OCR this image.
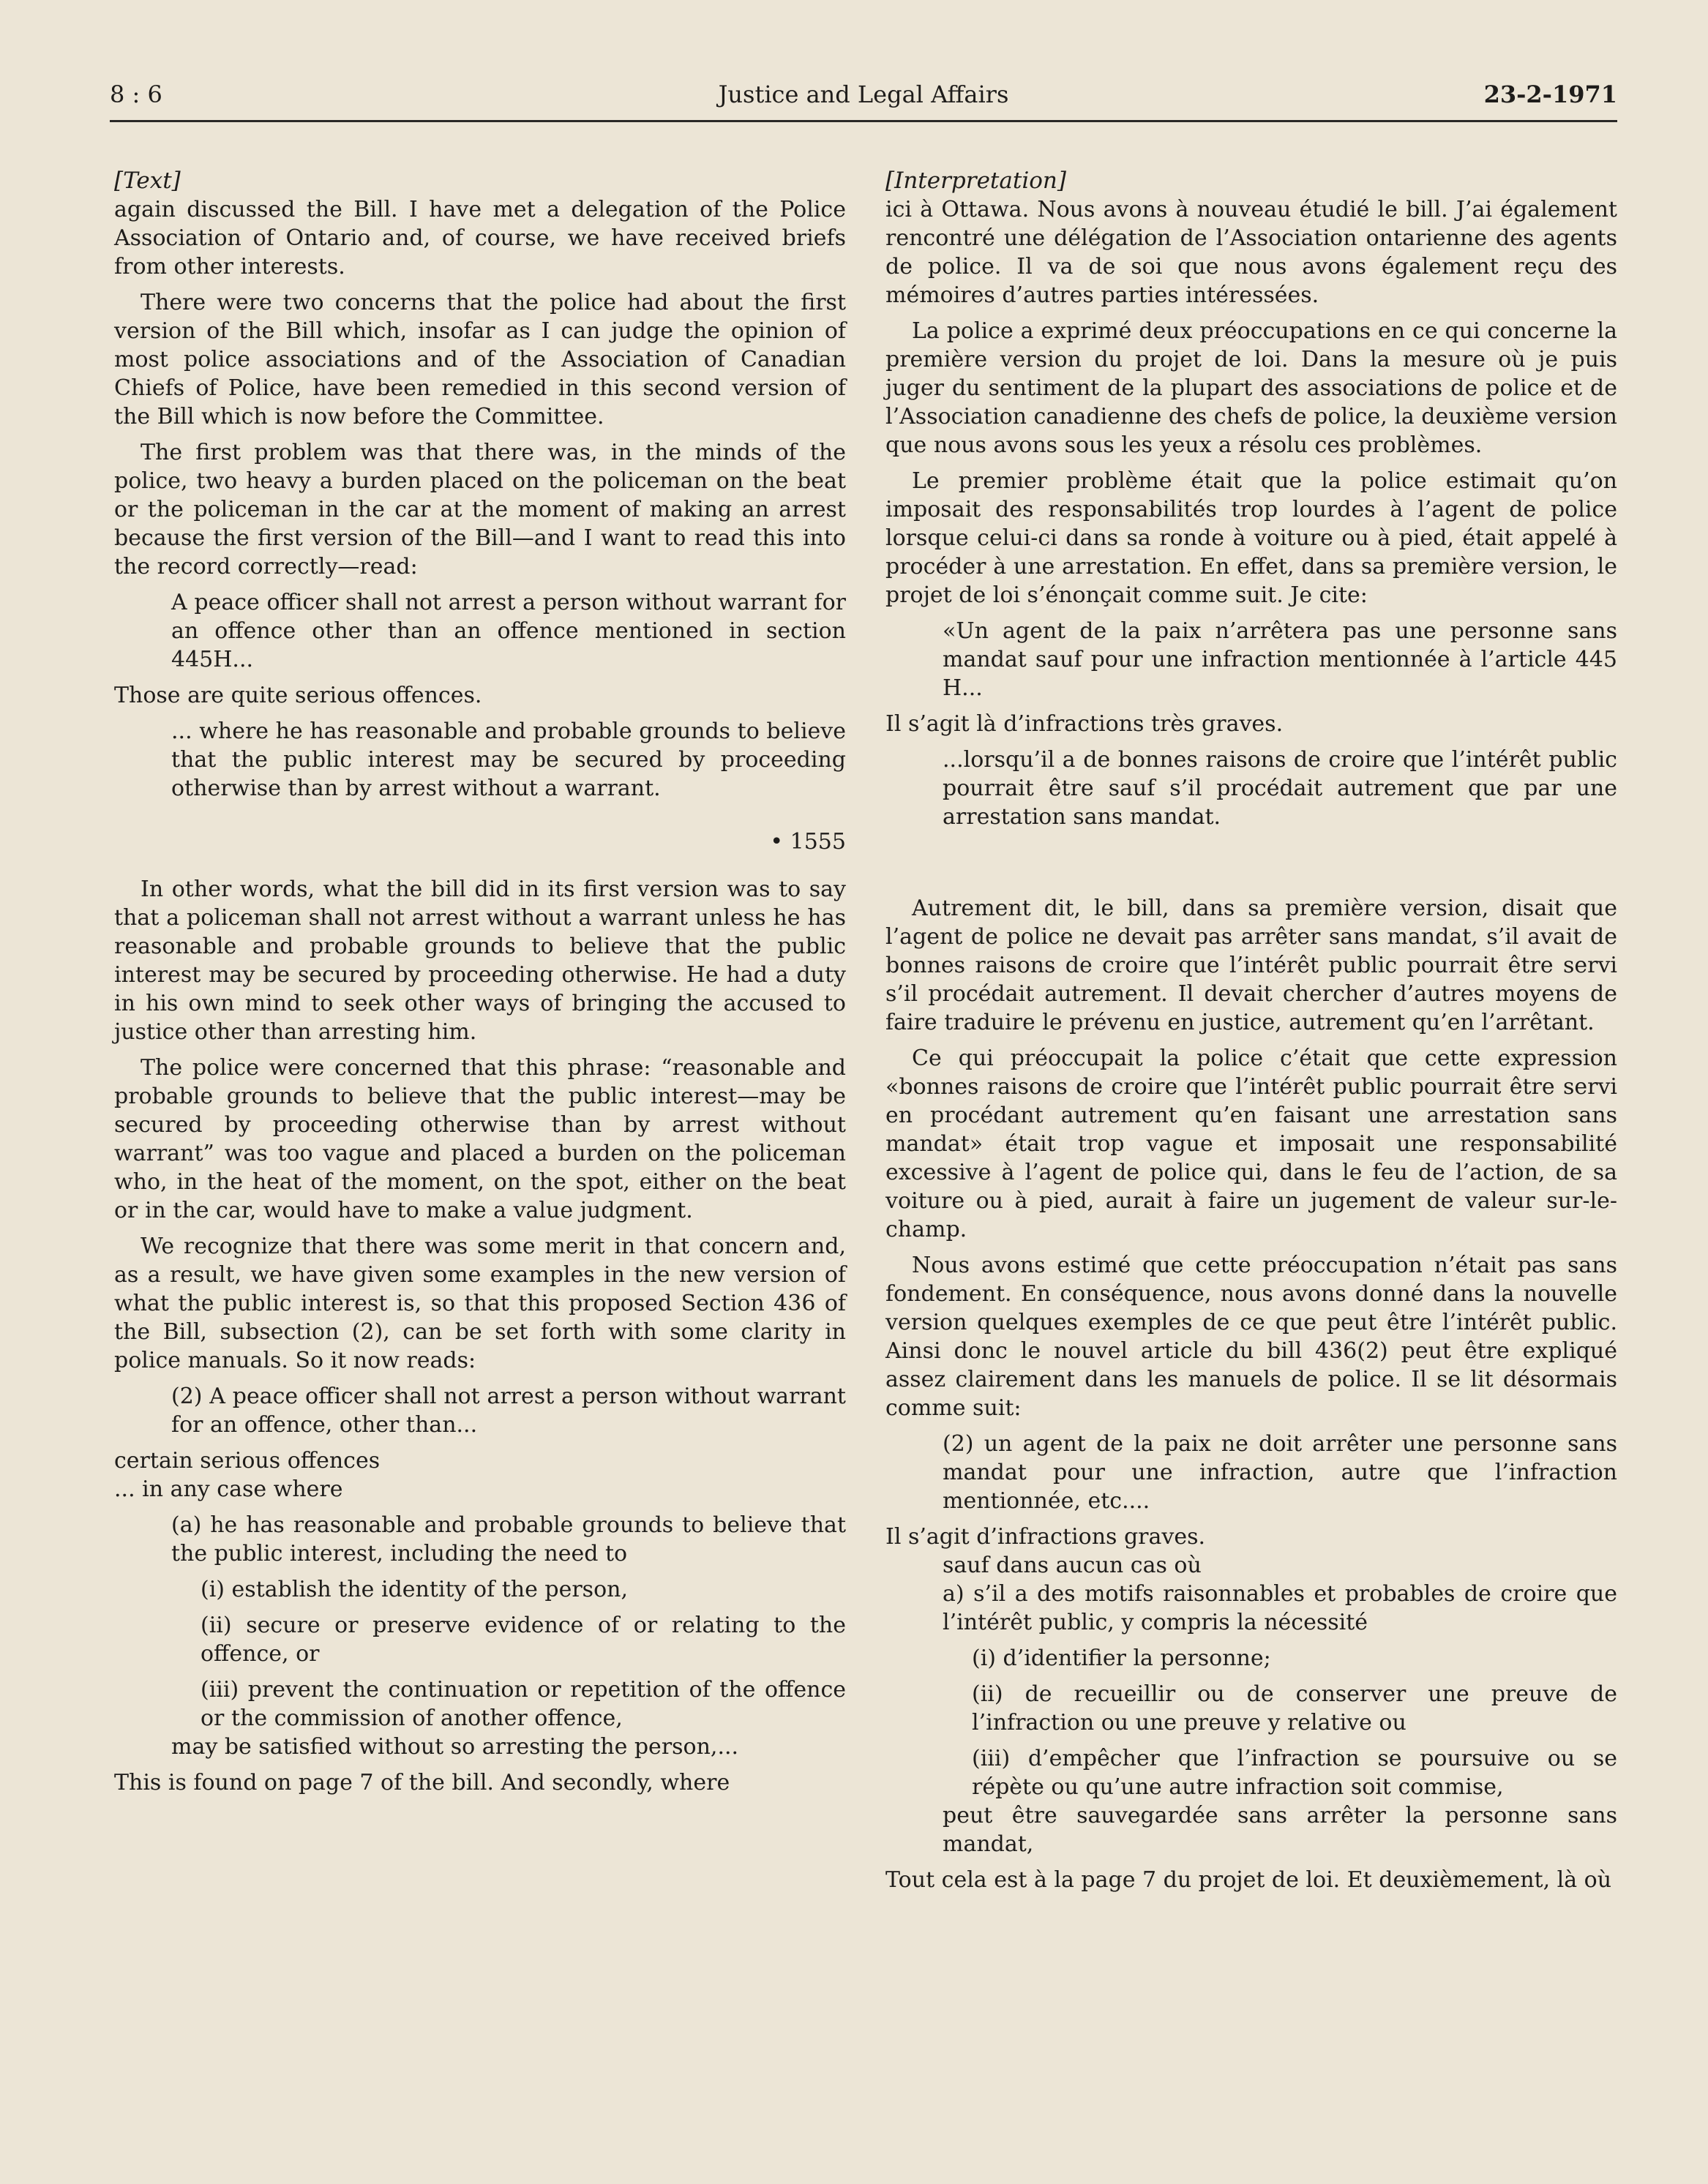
8 : 6	Justice and Legal Affairs	23-2-1971

[Text]

again discussed the Bill. I have met a delegation of the Police Association of Ontario and, of course, we have received briefs from other interests.

There were two concerns that the police had about the first version of the Bill which, insofar as I can judge the opinion of most police associations and of the Association of Canadian Chiefs of Police, have been remedied in this second version of the Bill which is now before the Committee.

The first problem was that there was, in the minds of the police, two heavy a burden placed on the policeman on the beat or the policeman in the car at the moment of making an arrest because the first version of the Bill—and I want to read this into the record correctly—read:

A peace officer shall not arrest a person without warrant for an offence other than an offence mentioned in section 445H...

Those are quite serious offences.

... where he has reasonable and probable grounds to believe that the public interest may be secured by proceeding otherwise than by arrest without a warrant.

• 1555

In other words, what the bill did in its first version was to say that a policeman shall not arrest without a warrant unless he has reasonable and probable grounds to believe that the public interest may be secured by proceeding otherwise. He had a duty in his own mind to seek other ways of bringing the accused to justice other than arresting him.

The police were concerned that this phrase: “reasonable and probable grounds to believe that the public interest—may be secured by proceeding otherwise than by arrest without warrant” was too vague and placed a burden on the policeman who, in the heat of the moment, on the spot, either on the beat or in the car, would have to make a value judgment.

We recognize that there was some merit in that concern and, as a result, we have given some examples in the new version of what the public interest is, so that this proposed Section 436 of the Bill, subsection (2), can be set forth with some clarity in police manuals. So it now reads:

(2) A peace officer shall not arrest a person without warrant for an offence, other than...

certain serious offences

... in any case where

(a) he has reasonable and probable grounds to believe that the public interest, including the need to

(i) establish the identity of the person,

(ii) secure or preserve evidence of or relating to the offence, or

(iii) prevent the continuation or repetition of the offence or the commission of another offence,

may be satisfied without so arresting the person,...

This is found on page 7 of the bill. And secondly, where

[Interpretation]

ici à Ottawa. Nous avons à nouveau étudié le bill. J’ai également rencontré une délégation de l’Association ontarienne des agents de police. Il va de soi que nous avons également reçu des mémoires d’autres parties intéressées.

La police a exprimé deux préoccupations en ce qui concerne la première version du projet de loi. Dans la mesure où je puis juger du sentiment de la plupart des associations de police et de l’Association canadienne des chefs de police, la deuxième version que nous avons sous les yeux a résolu ces problèmes.

Le premier problème était que la police estimait qu’on imposait des responsabilités trop lourdes à l’agent de police lorsque celui-ci dans sa ronde à voiture ou à pied, était appelé à procéder à une arrestation. En effet, dans sa première version, le projet de loi s’énonçait comme suit. Je cite:

«Un agent de la paix n’arrêtera pas une personne sans mandat sauf pour une infraction mentionnée à l’article 445 H...

Il s’agit là d’infractions très graves.

...lorsqu’il a de bonnes raisons de croire que l’intérêt public pourrait être sauf s’il procédait autrement que par une arrestation sans mandat.

Autrement dit, le bill, dans sa première version, disait que l’agent de police ne devait pas arrêter sans mandat, s’il avait de bonnes raisons de croire que l’intérêt public pourrait être servi s’il procédait autrement. Il devait chercher d’autres moyens de faire traduire le prévenu en justice, autrement qu’en l’arrêtant.

Ce qui préoccupait la police c’était que cette expression «bonnes raisons de croire que l’intérêt public pourrait être servi en procédant autrement qu’en faisant une arrestation sans mandat» était trop vague et imposait une responsabilité excessive à l’agent de police qui, dans le feu de l’action, de sa voiture ou à pied, aurait à faire un jugement de valeur sur-le-champ.

Nous avons estimé que cette préoccupation n’était pas sans fondement. En conséquence, nous avons donné dans la nouvelle version quelques exemples de ce que peut être l’intérêt public. Ainsi donc le nouvel article du bill 436(2) peut être expliqué assez clairement dans les manuels de police. Il se lit désormais comme suit:

(2) un agent de la paix ne doit arrêter une personne sans mandat pour une infraction, autre que l’infraction mentionnée, etc....

Il s’agit d’infractions graves.

sauf dans aucun cas où

a) s’il a des motifs raisonnables et probables de croire que l’intérêt public, y compris la nécessité

(i) d’identifier la personne;

(ii) de recueillir ou de conserver une preuve de l’infraction ou une preuve y relative ou

(iii) d’empêcher que l’infraction se poursuive ou se répète ou qu’une autre infraction soit commise,

peut être sauvegardée sans arrêter la personne sans mandat,

Tout cela est à la page 7 du projet de loi. Et deuxièmement, là où
